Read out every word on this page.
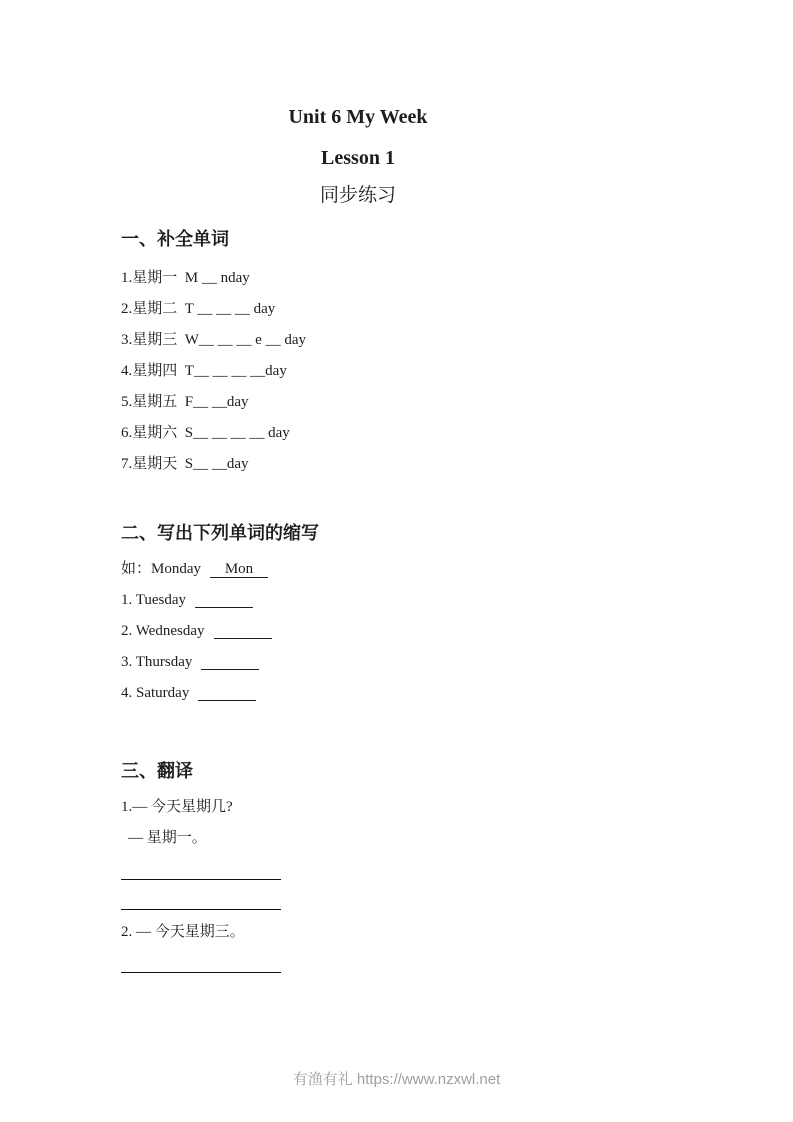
Unit 6 My Week
Lesson 1
同步练习
一、补全单词
1.星期一  M __ nday
2.星期二  T __ __ __ day
3.星期三  W__ __ __ e __ day
4.星期四  T__ __ __ __day
5.星期五  F__ __day
6.星期六  S__ __ __ __ day
7.星期天  S__ __day
二、写出下列单词的缩写
如：Monday Mon
1. Tuesday
2. Wednesday
3. Thursday
4. Saturday
三、翻译
1.— 今天星期几?
— 星期一。
2. — 今天星期三。
有渔有礼 https://www.nzxwl.net
